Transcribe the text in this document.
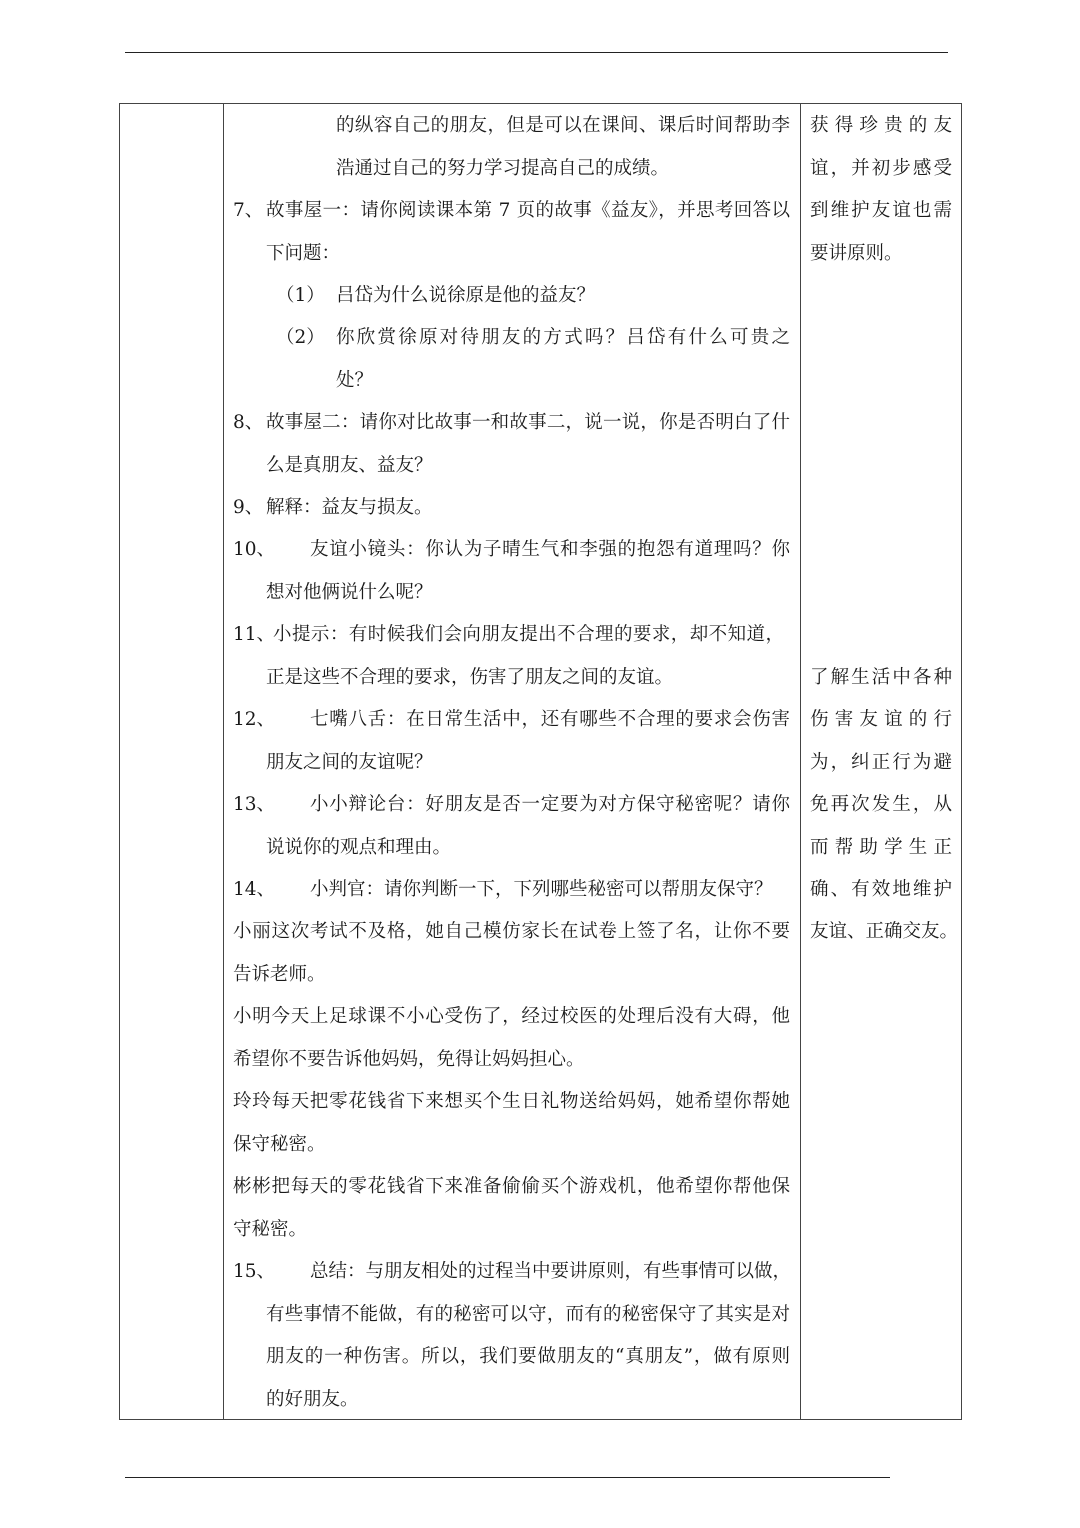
的纵容自己的朋友，但是可以在课间、课后时间帮助李
浩通过自己的努力学习提高自己的成绩。
7、 故事屋一：请你阅读课本第 7 页的故事《益友》，并思考回答以
下问题：
（1） 吕岱为什么说徐原是他的益友？
（2） 你欣赏徐原对待朋友的方式吗？吕岱有什么可贵之
处？
8、 故事屋二：请你对比故事一和故事二，说一说，你是否明白了什
么是真朋友、益友？
9、 解释：益友与损友。
10、 友谊小镜头：你认为子晴生气和李强的抱怨有道理吗？你
想对他俩说什么呢？
11、
小提示：有时候我们会向朋友提出不合理的要求，却不知道，
正是这些不合理的要求，伤害了朋友之间的友谊。
12、 七嘴八舌：在日常生活中，还有哪些不合理的要求会伤害
朋友之间的友谊呢？
13、 小小辩论台：好朋友是否一定要为对方保守秘密呢？请你
说说你的观点和理由。
14、 小判官：请你判断一下，下列哪些秘密可以帮朋友保守？
小丽这次考试不及格，她自己模仿家长在试卷上签了名，让你不要
告诉老师。
小明今天上足球课不小心受伤了，经过校医的处理后没有大碍，他
希望你不要告诉他妈妈，免得让妈妈担心。
玲玲每天把零花钱省下来想买个生日礼物送给妈妈，她希望你帮她
保守秘密。
彬彬把每天的零花钱省下来准备偷偷买个游戏机，他希望你帮他保
守秘密。
15、 总结：与朋友相处的过程当中要讲原则，有些事情可以做，
有些事情不能做，有的秘密可以守，而有的秘密保守了其实是对
朋友的一种伤害。所以，我们要做朋友的“真朋友”，做有原则
的好朋友。
获得珍贵的友
谊，并初步感受
到维护友谊也需
要讲原则。
了解生活中各种
伤害友谊的行
为，纠正行为避
免再次发生，从
而帮助学生正
确、有效地维护
友谊、正确交友。
